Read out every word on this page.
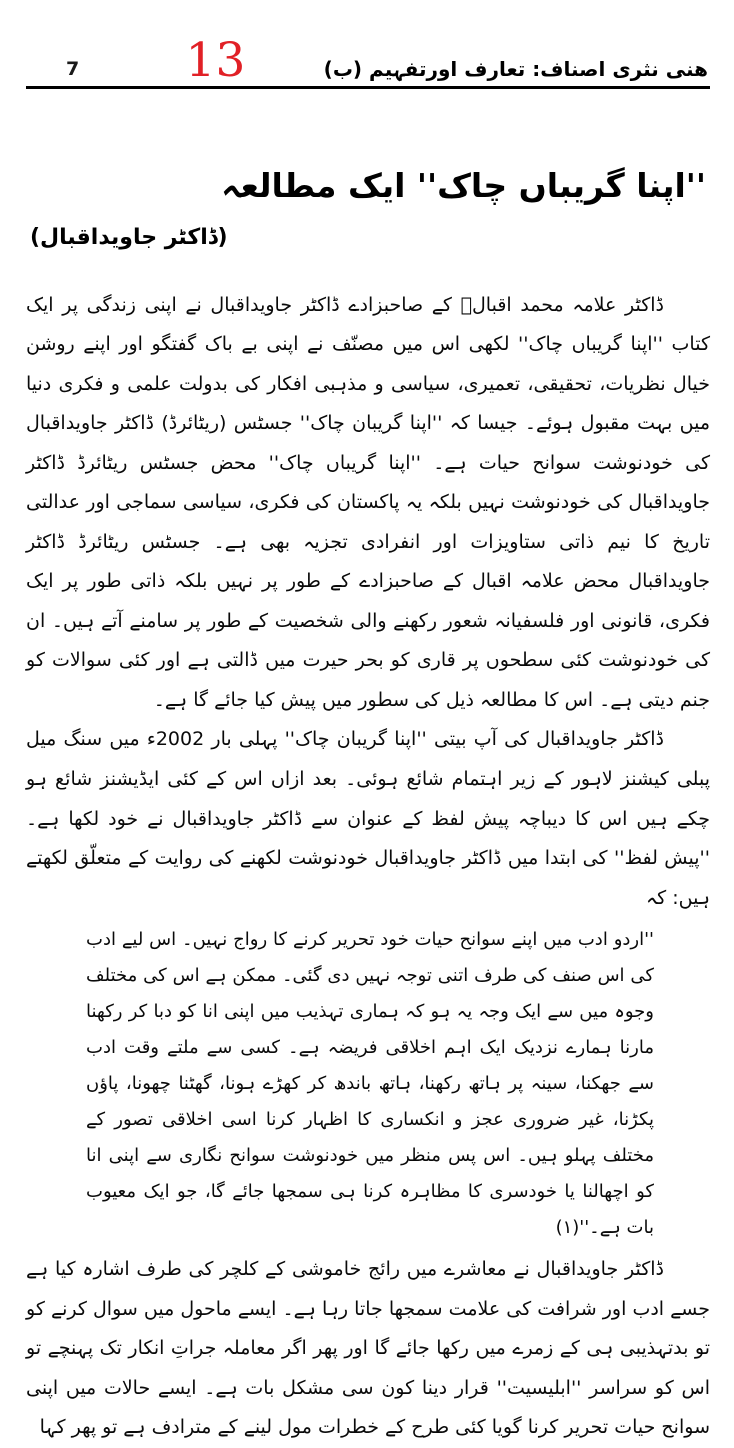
7 13	ھنی نثری اصناف: تعارف اورتفہیم (ب)
''اپنا گریباں چاک'' ایک مطالعہ
(ڈاکٹر جاویداقبال)

ڈاکٹر علامہ محمد اقبالؒ کے صاحبزادے ڈاکٹر جاویداقبال نے اپنی زندگی پر ایک کتاب ''اپنا گریباں چاک'' لکھی اس میں مصنّف نے اپنی بے باک گفتگو اور اپنے روشن خیال نظریات، تحقیقی، تعمیری، سیاسی و مذہبی افکار کی بدولت علمی و فکری دنیا میں بہت مقبول ہوئے۔ جیسا کہ ''اپنا گریبان چاک'' جسٹس (ریٹائرڈ) ڈاکٹر جاویداقبال کی خودنوشت سوانح حیات ہے۔ ''اپنا گریباں چاک'' محض جسٹس ریٹائرڈ ڈاکٹر جاویداقبال کی خودنوشت نہیں بلکہ یہ پاکستان کی فکری، سیاسی سماجی اور عدالتی تاریخ کا نیم ذاتی ستاویزات اور انفرادی تجزیہ بھی ہے۔ جسٹس ریٹائرڈ ڈاکٹر جاویداقبال محض علامہ اقبال کے صاحبزادے کے طور پر نہیں بلکہ ذاتی طور پر ایک فکری، قانونی اور فلسفیانہ شعور رکھنے والی شخصیت کے طور پر سامنے آتے ہیں۔ ان کی خودنوشت کئی سطحوں پر قاری کو بحر حیرت میں ڈالتی ہے اور کئی سوالات کو جنم دیتی ہے۔ اس کا مطالعہ ذیل کی سطور میں پیش کیا جائے گا ہے۔

ڈاکٹر جاویداقبال کی آپ بیتی ''اپنا گریبان چاک'' پہلی بار 2002ء میں سنگ میل پبلی کیشنز لاہور کے زیر اہتمام شائع ہوئی۔ بعد ازاں اس کے کئی ایڈیشنز شائع ہو چکے ہیں اس کا دیباچہ پیش لفظ کے عنوان سے ڈاکٹر جاویداقبال نے خود لکھا ہے۔ ''پیش لفظ'' کی ابتدا میں ڈاکٹر جاویداقبال خودنوشت لکھنے کی روایت کے متعلّق لکھتے ہیں: کہ

''اردو ادب میں اپنے سوانح حیات خود تحریر کرنے کا رواج نہیں۔ اس لیے ادب کی اس صنف کی طرف اتنی توجہ نہیں دی گئی۔ ممکن ہے اس کی مختلف وجوہ میں سے ایک وجہ یہ ہو کہ ہماری تہذیب میں اپنی انا کو دبا کر رکھنا مارنا ہمارے نزدیک ایک اہم اخلاقی فریضہ ہے۔ کسی سے ملتے وقت ادب سے جھکنا، سینہ پر ہاتھ رکھنا، ہاتھ باندھ کر کھڑے ہونا، گھٹنا چھونا، پاؤں پکڑنا، غیر ضروری عجز و انکساری کا اظہار کرنا اسی اخلاقی تصور کے مختلف پہلو ہیں۔ اس پس منظر میں خودنوشت سوانح نگاری سے اپنی انا کو اچھالنا یا خودسری کا مظاہرہ کرنا ہی سمجھا جائے گا، جو ایک معیوب بات ہے۔''(۱)

ڈاکٹر جاویداقبال نے معاشرے میں رائج خاموشی کے کلچر کی طرف اشارہ کیا ہے جسے ادب اور شرافت کی علامت سمجھا جاتا رہا ہے۔ ایسے ماحول میں سوال کرنے کو تو بدتہذیبی ہی کے زمرے میں رکھا جائے گا اور پھر اگر معاملہ جراتِ انکار تک پہنچے تو اس کو سراسر ''ابلیسیت'' قرار دینا کون سی مشکل بات ہے۔ ایسے حالات میں اپنی سوانح حیات تحریر کرنا گویا کئی طرح کے خطرات مول لینے کے مترادف ہے تو پھر کہا
